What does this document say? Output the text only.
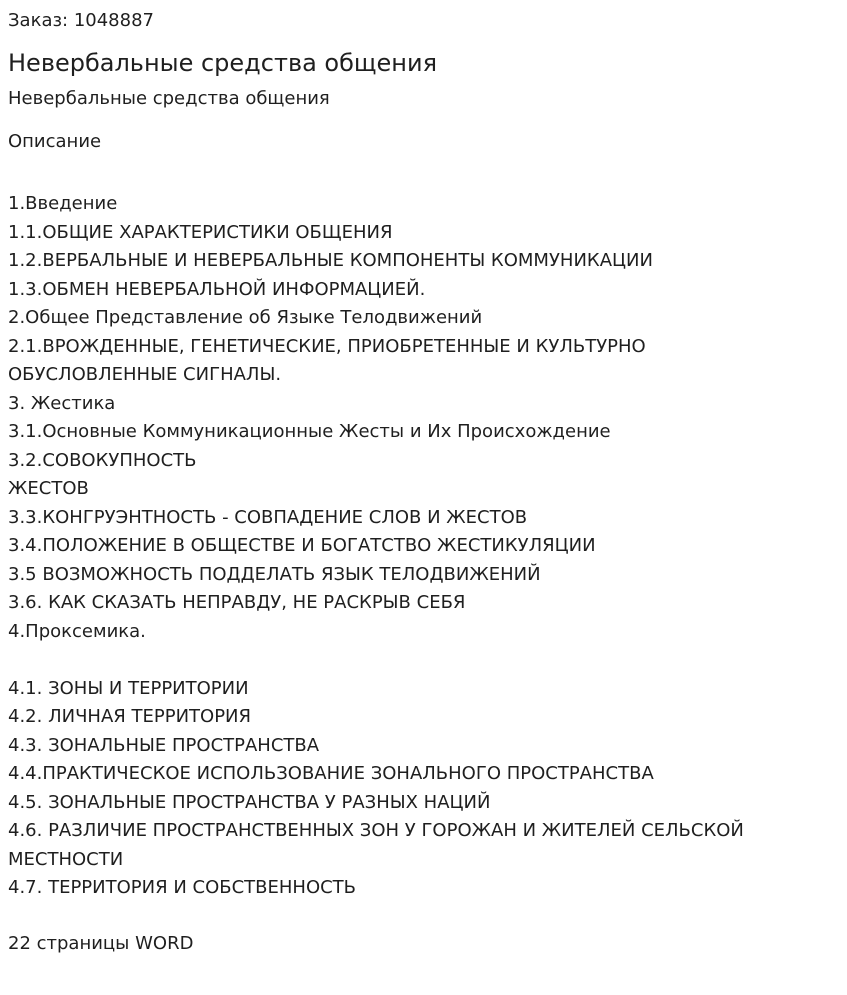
Заказ: 1048887
Невербальные средства общения
Невербальные средства общения
Описание
1.Введение
1.1.ОБЩИЕ ХАРАКТЕРИСТИКИ ОБЩЕНИЯ
1.2.ВЕРБАЛЬНЫЕ И НЕВЕРБАЛЬНЫЕ КОМПОНЕНТЫ КОММУНИКАЦИИ
1.3.ОБМЕН НЕВЕРБАЛЬНОЙ ИНФОРМАЦИЕЙ.
2.Общее Представление об Языке Телодвижений
2.1.ВРОЖДЕННЫЕ, ГЕНЕТИЧЕСКИЕ, ПРИОБРЕТЕННЫЕ И КУЛЬТУРНО
ОБУСЛОВЛЕННЫЕ СИГНАЛЫ.
3. Жестика
3.1.Основные Коммуникационные Жесты и Их Происхождение
3.2.СОВОКУПНОСТЬ
ЖЕСТОВ
3.3.КОНГРУЭНТНОСТЬ - СОВПАДЕНИЕ СЛОВ И ЖЕСТОВ
3.4.ПОЛОЖЕНИЕ В ОБЩЕСТВЕ И БОГАТСТВО ЖЕСТИКУЛЯЦИИ
3.5 ВОЗМОЖНОСТЬ ПОДДЕЛАТЬ ЯЗЫК ТЕЛОДВИЖЕНИЙ
3.6. КАК СКАЗАТЬ НЕПРАВДУ, НЕ РАСКРЫВ СЕБЯ
4.Проксемика.

4.1. ЗОНЫ И ТЕРРИТОРИИ
4.2. ЛИЧНАЯ ТЕРРИТОРИЯ
4.3. ЗОНАЛЬНЫЕ ПРОСТРАНСТВА
4.4.ПРАКТИЧЕСКОЕ ИСПОЛЬЗОВАНИЕ ЗОНАЛЬНОГО ПРОСТРАНСТВА
4.5. ЗОНАЛЬНЫЕ ПРОСТРАНСТВА У РАЗНЫХ НАЦИЙ
4.6. РАЗЛИЧИЕ ПРОСТРАНСТВЕННЫХ ЗОН У ГОРОЖАН И ЖИТЕЛЕЙ СЕЛЬСКОЙ
МЕСТНОСТИ
4.7. ТЕРРИТОРИЯ И СОБСТВЕННОСТЬ
22 страницы WORD
